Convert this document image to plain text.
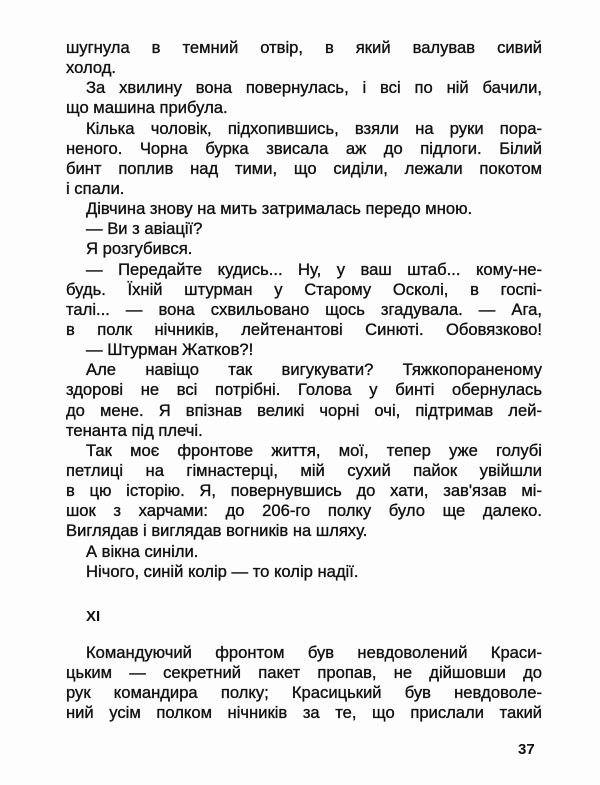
шугнула в темний отвір, в який валував сивий
холод.
За хвилину вона повернулась, і всі по ній бачили,
що машина прибула.
Кілька чоловік, підхопившись, взяли на руки пора-
неного. Чорна бурка звисала аж до підлоги. Білий
бинт поплив над тими, що сиділи, лежали покотом
і спали.
Дівчина знову на мить затрималась передо мною.
— Ви з авіації?
Я розгубився.
— Передайте кудись... Ну, у ваш штаб... кому-не-
будь. Їхній штурман у Старому Осколі, в госпі-
талі... — вона схвильовано щось згадувала. — Ага,
в полк нічників, лейтенантові Синюті. Обовязково!
— Штурман Жатков?!
Але навіщо так вигукувати? Тяжкопораненому
здорові не всі потрібні. Голова у бинті обернулась
до мене. Я впізнав великі чорні очі, підтримав лей-
тенанта під плечі.
Так моє фронтове життя, мої, тепер уже голубі
петлиці на гімнастерці, мій сухий пайок увійшли
в цю історію. Я, повернувшись до хати, зав'язав мі-
шок з харчами: до 206-го полку було ще далеко.
Виглядав і виглядав вогників на шляху.
А вікна синіли.
Нічого, синій колір — то колір надії.
XI
Командуючий фронтом був невдоволений Краси-
цьким — секретний пакет пропав, не дійшовши до
рук командира полку; Красицький був невдоволе-
ний усім полком нічників за те, що прислали такий
37
